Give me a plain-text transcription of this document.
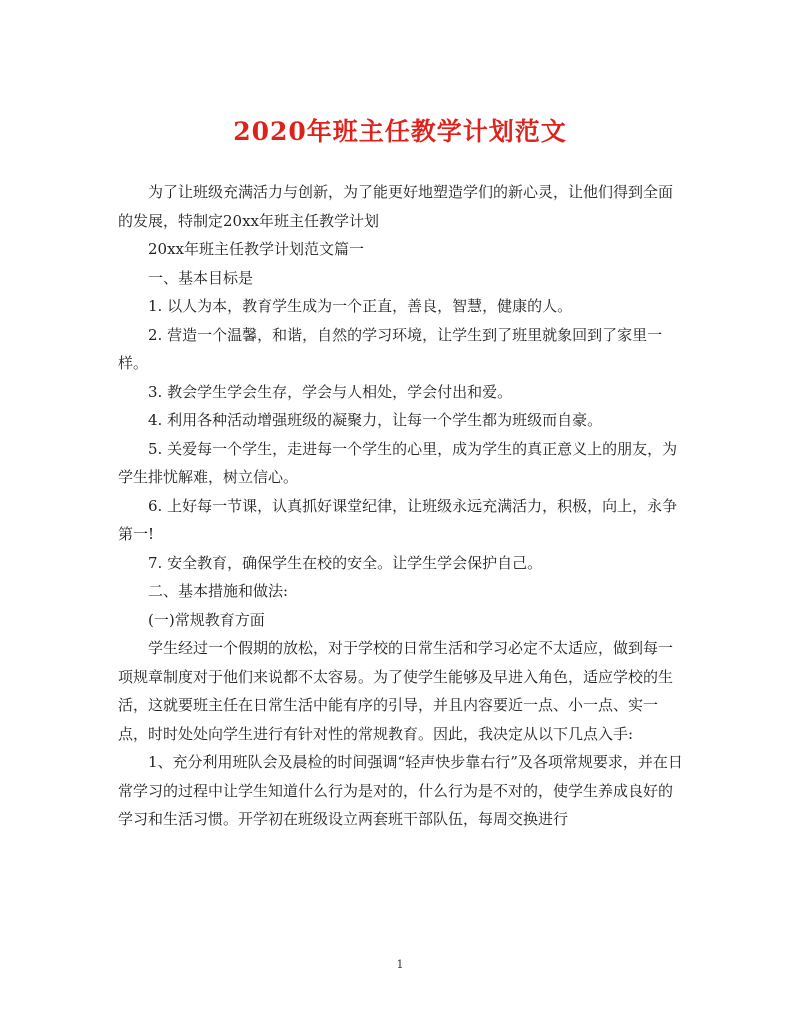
2020年班主任教学计划范文

为了让班级充满活力与创新，为了能更好地塑造学们的新心灵，让他们得到全面的发展，特制定20xx年班主任教学计划

20xx年班主任教学计划范文篇一

一、基本目标是

1. 以人为本，教育学生成为一个正直，善良，智慧，健康的人。

2. 营造一个温馨，和谐，自然的学习环境，让学生到了班里就象回到了家里一样。

3. 教会学生学会生存，学会与人相处，学会付出和爱。

4. 利用各种活动增强班级的凝聚力，让每一个学生都为班级而自豪。

5. 关爱每一个学生，走进每一个学生的心里，成为学生的真正意义上的朋友，为学生排忧解难，树立信心。

6. 上好每一节课，认真抓好课堂纪律，让班级永远充满活力，积极，向上，永争第一!

7. 安全教育，确保学生在校的安全。让学生学会保护自己。

二、基本措施和做法:

(一)常规教育方面

学生经过一个假期的放松，对于学校的日常生活和学习必定不太适应，做到每一项规章制度对于他们来说都不太容易。为了使学生能够及早进入角色，适应学校的生活，这就要班主任在日常生活中能有序的引导，并且内容要近一点、小一点、实一点，时时处处向学生进行有针对性的常规教育。因此，我决定从以下几点入手:

1、充分利用班队会及晨检的时间强调“轻声快步靠右行”及各项常规要求，并在日常学习的过程中让学生知道什么行为是对的，什么行为是不对的，使学生养成良好的学习和生活习惯。开学初在班级设立两套班干部队伍，每周交换进行

1
